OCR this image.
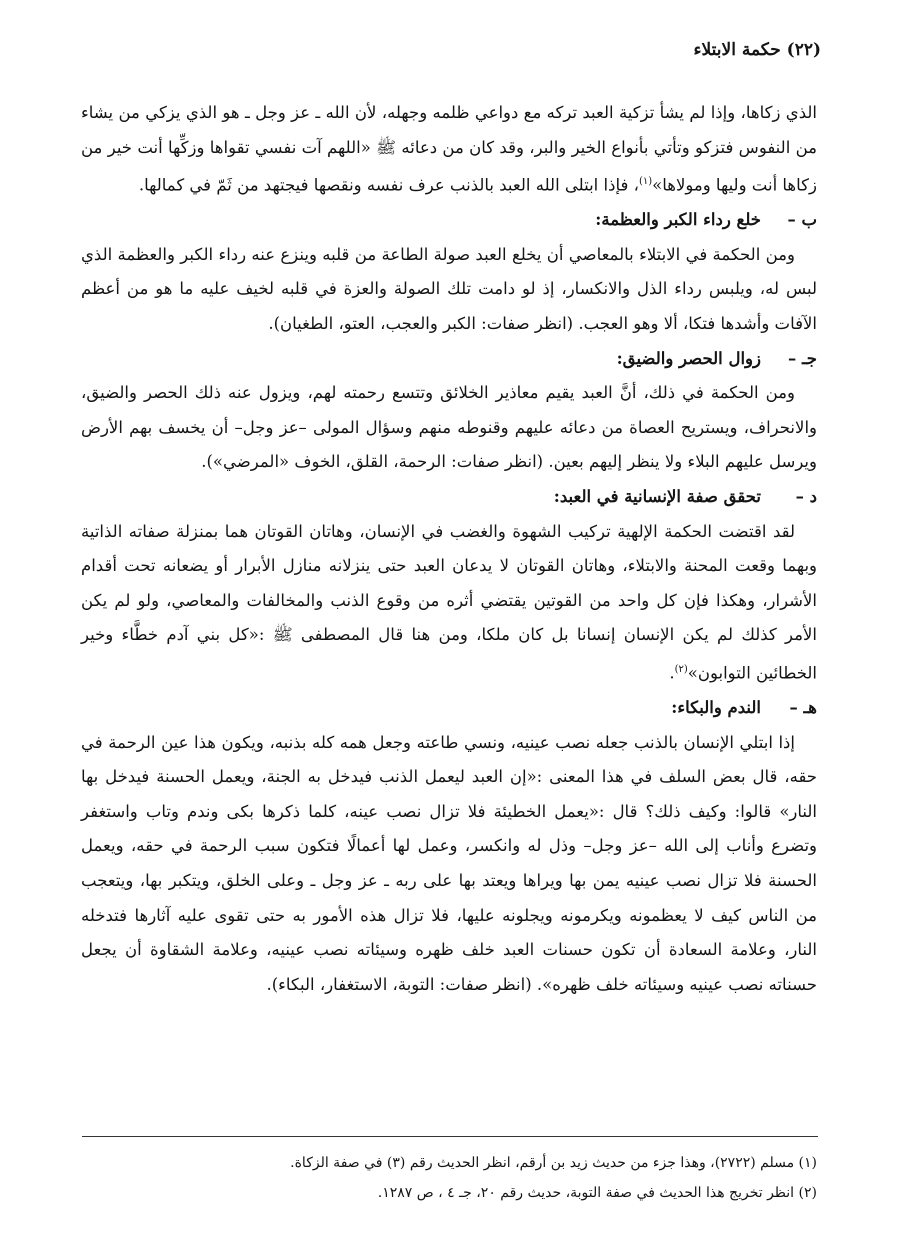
(٢٢) حكمة الابتلاء

الذي زكاها، وإذا لم يشأ تزكية العبد تركه مع دواعي ظلمه وجهله، لأن الله ـ عز وجل ـ هو الذي يزكي من يشاء من النفوس فتزكو وتأتي بأنواع الخير والبر، وقد كان من دعائه ﷺ «اللهم آت نفسي تقواها وزكِّها أنت خير من زكاها أنت وليها ومولاها»$^{(١)}$، فإذا ابتلى الله العبد بالذنب عرف نفسه ونقصها فيجتهد من ثَمّ في كمالها.

ب –
خلع رداء الكبر والعظمة:

ومن الحكمة في الابتلاء بالمعاصي أن يخلع العبد صولة الطاعة من قلبه وينزع عنه رداء الكبر والعظمة الذي لبس له، ويلبس رداء الذل والانكسار، إذ لو دامت تلك الصولة والعزة في قلبه لخيف عليه ما هو من أعظم الآفات وأشدها فتكا، ألا وهو العجب. (انظر صفات: الكبر والعجب، العتو، الطغيان).

جـ –
زوال الحصر والضيق:

ومن الحكمة في ذلك، أنَّ العبد يقيم معاذير الخلائق وتتسع رحمته لهم، ويزول عنه ذلك الحصر والضيق، والانحراف، ويستريح العصاة من دعائه عليهم وقنوطه منهم وسؤال المولى –عز وجل– أن يخسف بهم الأرض ويرسل عليهم البلاء ولا ينظر إليهم بعين. (انظر صفات: الرحمة، القلق، الخوف «المرضي»).

د –
تحقق صفة الإنسانية في العبد:

لقد اقتضت الحكمة الإلهية تركيب الشهوة والغضب في الإنسان، وهاتان القوتان هما بمنزلة صفاته الذاتية وبهما وقعت المحنة والابتلاء، وهاتان القوتان لا يدعان العبد حتى ينزلانه منازل الأبرار أو يضعانه تحت أقدام الأشرار، وهكذا فإن كل واحد من القوتين يقتضي أثره من وقوع الذنب والمخالفات والمعاصي، ولو لم يكن الأمر كذلك لم يكن الإنسان إنسانا بل كان ملكا، ومن هنا قال المصطفى ﷺ :«كل بني آدم خطَّاء وخير الخطائين التوابون»$^{(٢)}$.

هـ –
الندم والبكاء:

إذا ابتلي الإنسان بالذنب جعله نصب عينيه، ونسي طاعته وجعل همه كله بذنبه، ويكون هذا عين الرحمة في حقه، قال بعض السلف في هذا المعنى :«إن العبد ليعمل الذنب فيدخل به الجنة، ويعمل الحسنة فيدخل بها النار» قالوا: وكيف ذلك؟ قال :«يعمل الخطيئة فلا تزال نصب عينه، كلما ذكرها بكى وندم وتاب واستغفر وتضرع وأناب إلى الله –عز وجل– وذل له وانكسر، وعمل لها أعمالًا فتكون سبب الرحمة في حقه، ويعمل الحسنة فلا تزال نصب عينيه يمن بها ويراها ويعتد بها على ربه ـ عز وجل ـ وعلى الخلق، ويتكبر بها، ويتعجب من الناس كيف لا يعظمونه ويكرمونه ويجلونه عليها، فلا تزال هذه الأمور به حتى تقوى عليه آثارها فتدخله النار، وعلامة السعادة أن تكون حسنات العبد خلف ظهره وسيئاته نصب عينيه، وعلامة الشقاوة أن يجعل حسناته نصب عينيه وسيئاته خلف ظهره». (انظر صفات: التوبة، الاستغفار، البكاء).

(١) مسلم (٢٧٢٢)، وهذا جزء من حديث زيد بن أرقم، انظر الحديث رقم (٣) في صفة الزكاة.

(٢) انظر تخريج هذا الحديث في صفة التوبة، حديث رقم ٢٠، جـ ٤ ، ص ١٢٨٧.
